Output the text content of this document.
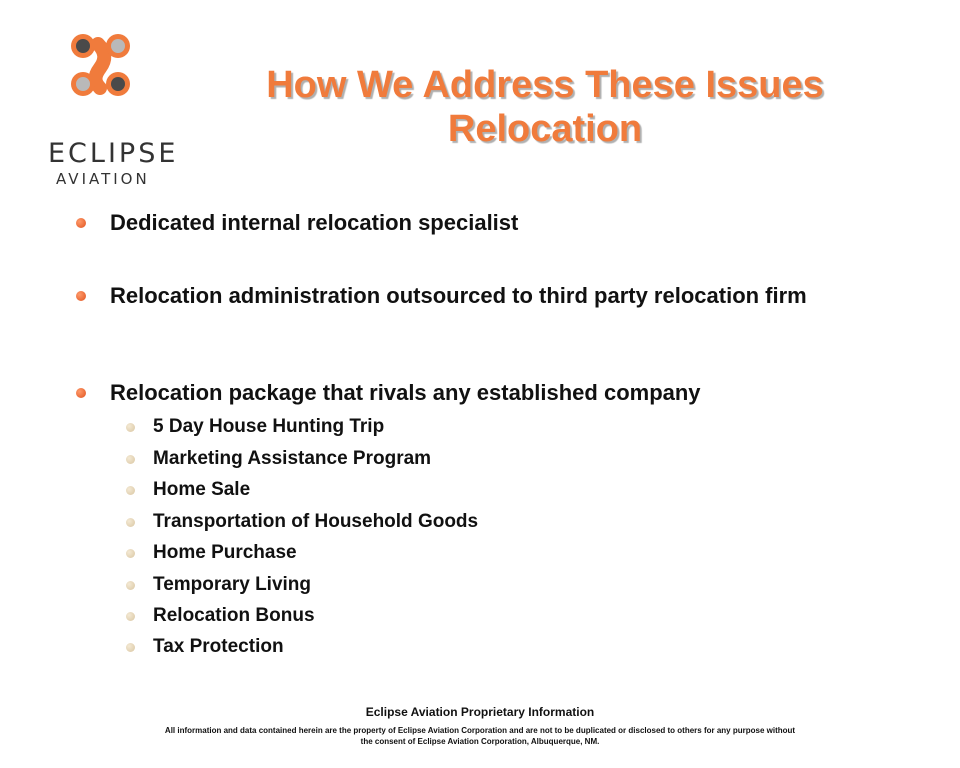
ECLIPSE
AVIATION
How We Address These Issues
Relocation
Dedicated internal relocation specialist
Relocation administration outsourced to third party relocation firm
Relocation package that rivals any established company
5 Day House Hunting Trip
Marketing Assistance Program
Home Sale
Transportation of Household Goods
Home Purchase
Temporary Living
Relocation Bonus
Tax Protection
Eclipse Aviation Proprietary Information
All information and data contained herein are the property of Eclipse Aviation Corporation and are not to be duplicated or disclosed to others for any purpose without the consent of Eclipse Aviation Corporation, Albuquerque, NM.
